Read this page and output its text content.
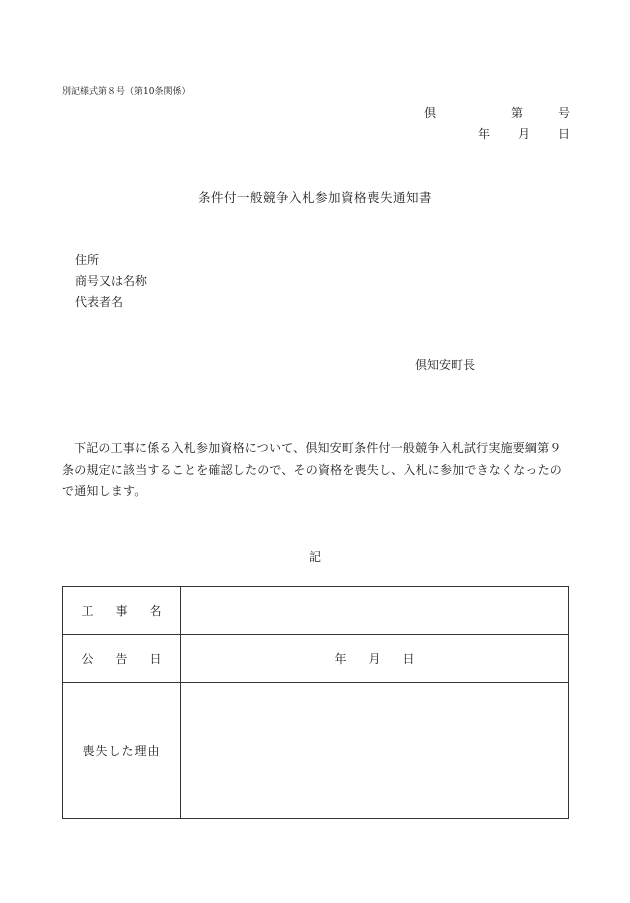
別記様式第８号（第10条関係）
倶	第	号
年 月 日
条件付一般競争入札参加資格喪失通知書
住所
商号又は名称
代表者名
倶知安町長
下記の工事に係る入札参加資格について、倶知安町条件付一般競争入札試行実施要綱第９条の規定に該当することを確認したので、その資格を喪失し、入札に参加できなくなったので通知します。
記
工 事 名	

公 告 日	年 月 日

喪失した理由	
